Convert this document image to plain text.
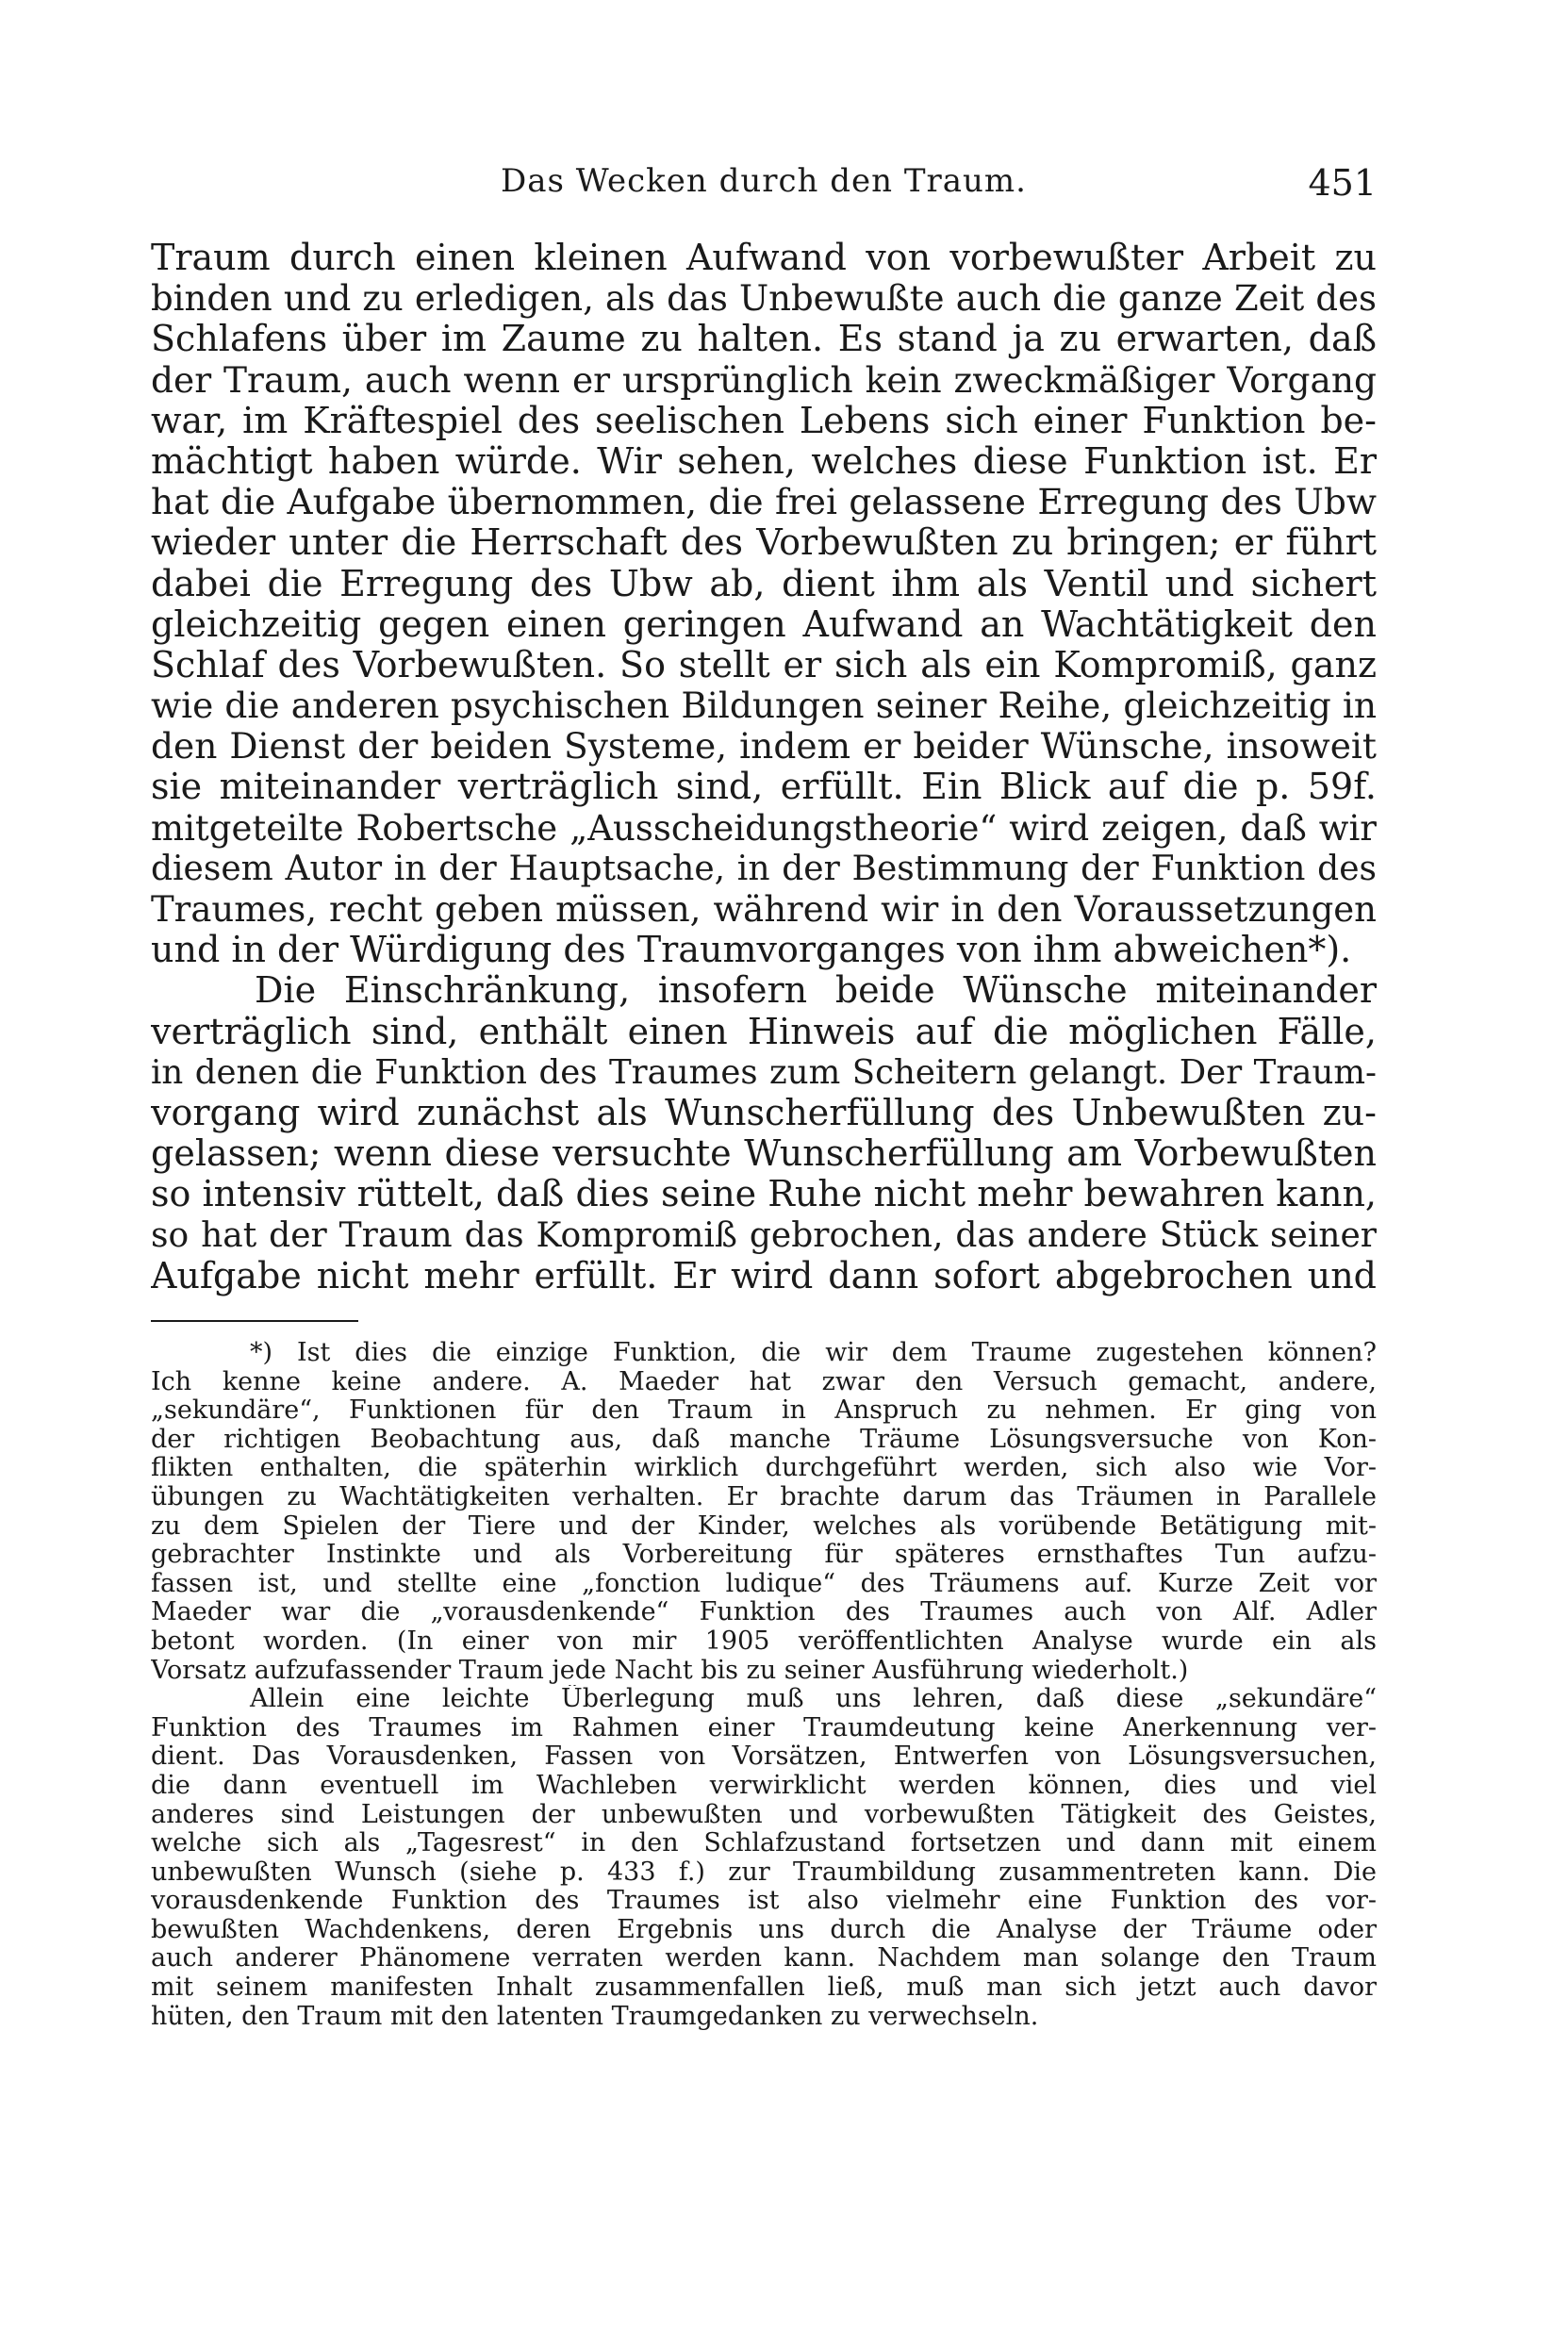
Das Wecken durch den Traum.	451
Traum durch einen kleinen Aufwand von vorbewußter Arbeit zu
binden und zu erledigen, als das Unbewußte auch die ganze Zeit des
Schlafens über im Zaume zu halten. Es stand ja zu erwarten, daß
der Traum, auch wenn er ursprünglich kein zweckmäßiger Vorgang
war, im Kräftespiel des seelischen Lebens sich einer Funktion be-
mächtigt haben würde. Wir sehen, welches diese Funktion ist. Er
hat die Aufgabe übernommen, die frei gelassene Erregung des Ubw
wieder unter die Herrschaft des Vorbewußten zu bringen; er führt
dabei die Erregung des Ubw ab, dient ihm als Ventil und sichert
gleichzeitig gegen einen geringen Aufwand an Wachtätigkeit den
Schlaf des Vorbewußten. So stellt er sich als ein Kompromiß, ganz
wie die anderen psychischen Bildungen seiner Reihe, gleichzeitig in
den Dienst der beiden Systeme, indem er beider Wünsche, insoweit
sie miteinander verträglich sind, erfüllt. Ein Blick auf die p. 59f.
mitgeteilte Robertsche „Ausscheidungstheorie“ wird zeigen, daß wir
diesem Autor in der Hauptsache, in der Bestimmung der Funktion des
Traumes, recht geben müssen, während wir in den Voraussetzungen
und in der Würdigung des Traumvorganges von ihm abweichen*).
Die Einschränkung, insofern beide Wünsche miteinander
verträglich sind, enthält einen Hinweis auf die möglichen Fälle,
in denen die Funktion des Traumes zum Scheitern gelangt. Der Traum-
vorgang wird zunächst als Wunscherfüllung des Unbewußten zu-
gelassen; wenn diese versuchte Wunscherfüllung am Vorbewußten
so intensiv rüttelt, daß dies seine Ruhe nicht mehr bewahren kann,
so hat der Traum das Kompromiß gebrochen, das andere Stück seiner
Aufgabe nicht mehr erfüllt. Er wird dann sofort abgebrochen und
*) Ist dies die einzige Funktion, die wir dem Traume zugestehen können?
Ich kenne keine andere. A. Maeder hat zwar den Versuch gemacht, andere,
„sekundäre“, Funktionen für den Traum in Anspruch zu nehmen. Er ging von
der richtigen Beobachtung aus, daß manche Träume Lösungsversuche von Kon-
flikten enthalten, die späterhin wirklich durchgeführt werden, sich also wie Vor-
übungen zu Wachtätigkeiten verhalten. Er brachte darum das Träumen in Parallele
zu dem Spielen der Tiere und der Kinder, welches als vorübende Betätigung mit-
gebrachter Instinkte und als Vorbereitung für späteres ernsthaftes Tun aufzu-
fassen ist, und stellte eine „fonction ludique“ des Träumens auf. Kurze Zeit vor
Maeder war die „vorausdenkende“ Funktion des Traumes auch von Alf. Adler
betont worden. (In einer von mir 1905 veröffentlichten Analyse wurde ein als
Vorsatz aufzufassender Traum jede Nacht bis zu seiner Ausführung wiederholt.)
Allein eine leichte Überlegung muß uns lehren, daß diese „sekundäre“
Funktion des Traumes im Rahmen einer Traumdeutung keine Anerkennung ver-
dient. Das Vorausdenken, Fassen von Vorsätzen, Entwerfen von Lösungsversuchen,
die dann eventuell im Wachleben verwirklicht werden können, dies und viel
anderes sind Leistungen der unbewußten und vorbewußten Tätigkeit des Geistes,
welche sich als „Tagesrest“ in den Schlafzustand fortsetzen und dann mit einem
unbewußten Wunsch (siehe p. 433 f.) zur Traumbildung zusammentreten kann. Die
vorausdenkende Funktion des Traumes ist also vielmehr eine Funktion des vor-
bewußten Wachdenkens, deren Ergebnis uns durch die Analyse der Träume oder
auch anderer Phänomene verraten werden kann. Nachdem man solange den Traum
mit seinem manifesten Inhalt zusammenfallen ließ, muß man sich jetzt auch davor
hüten, den Traum mit den latenten Traumgedanken zu verwechseln.
